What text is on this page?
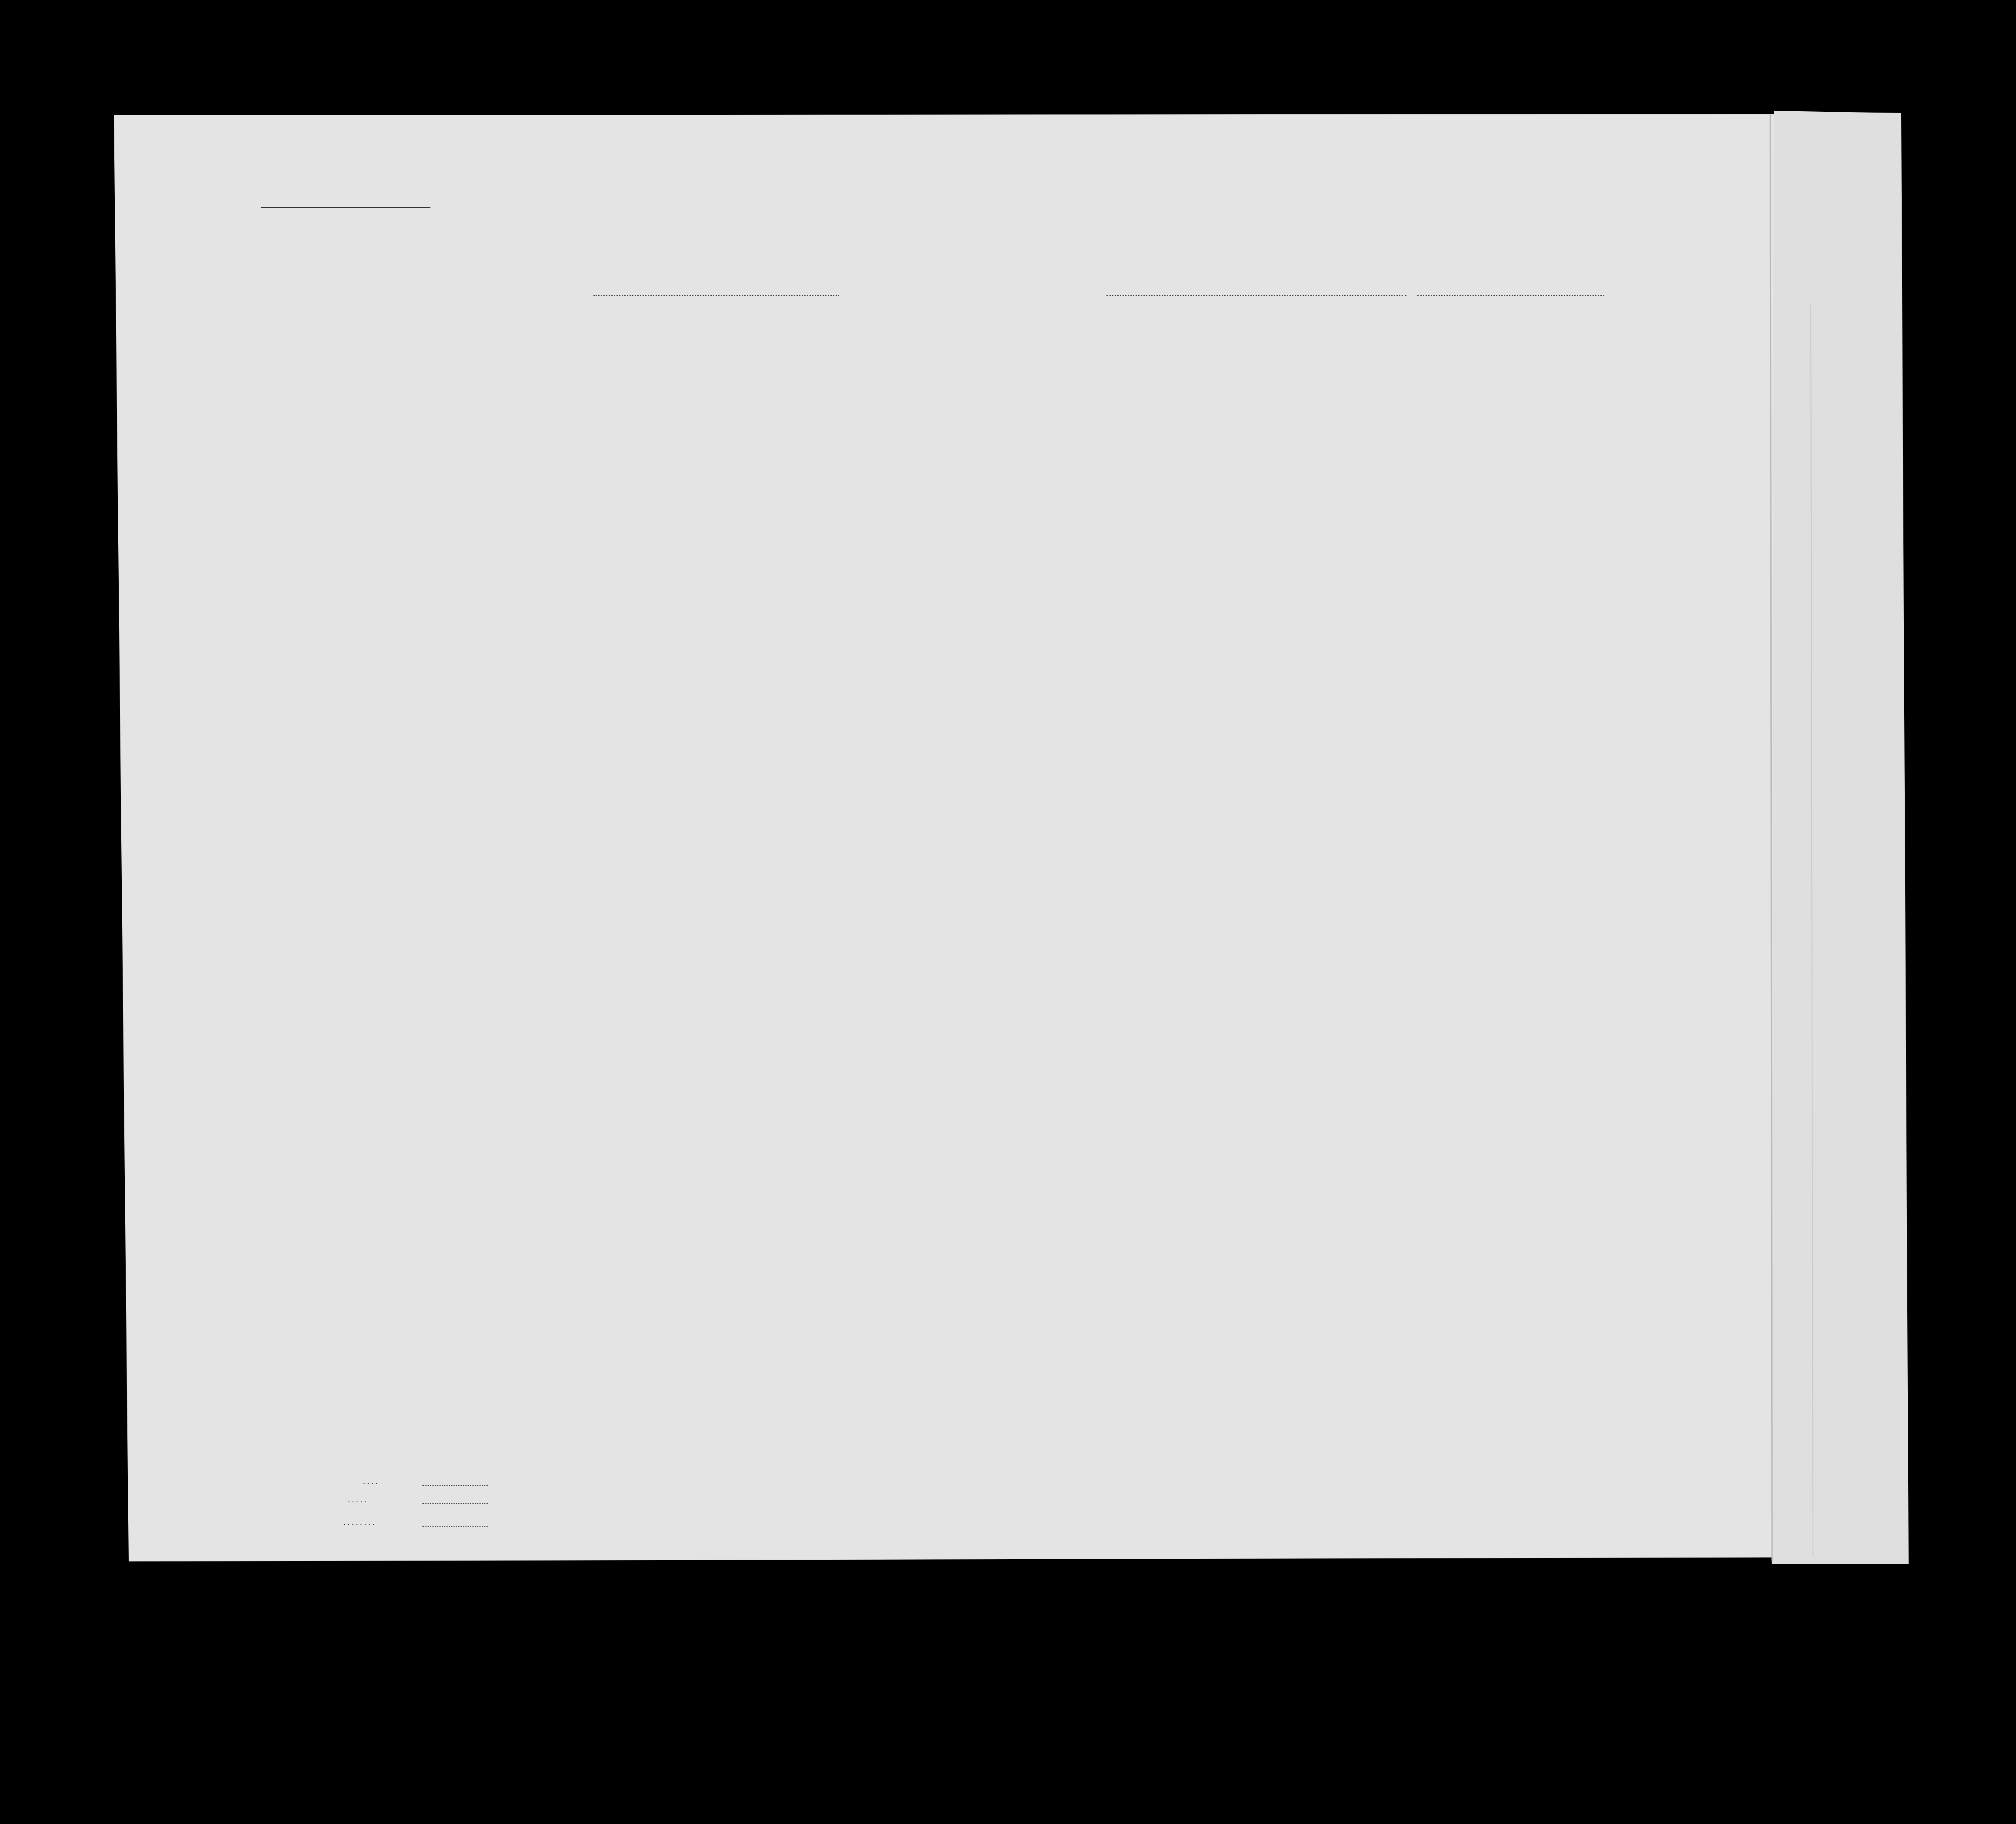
. . . .
. . . . .
. . . . . . . .
